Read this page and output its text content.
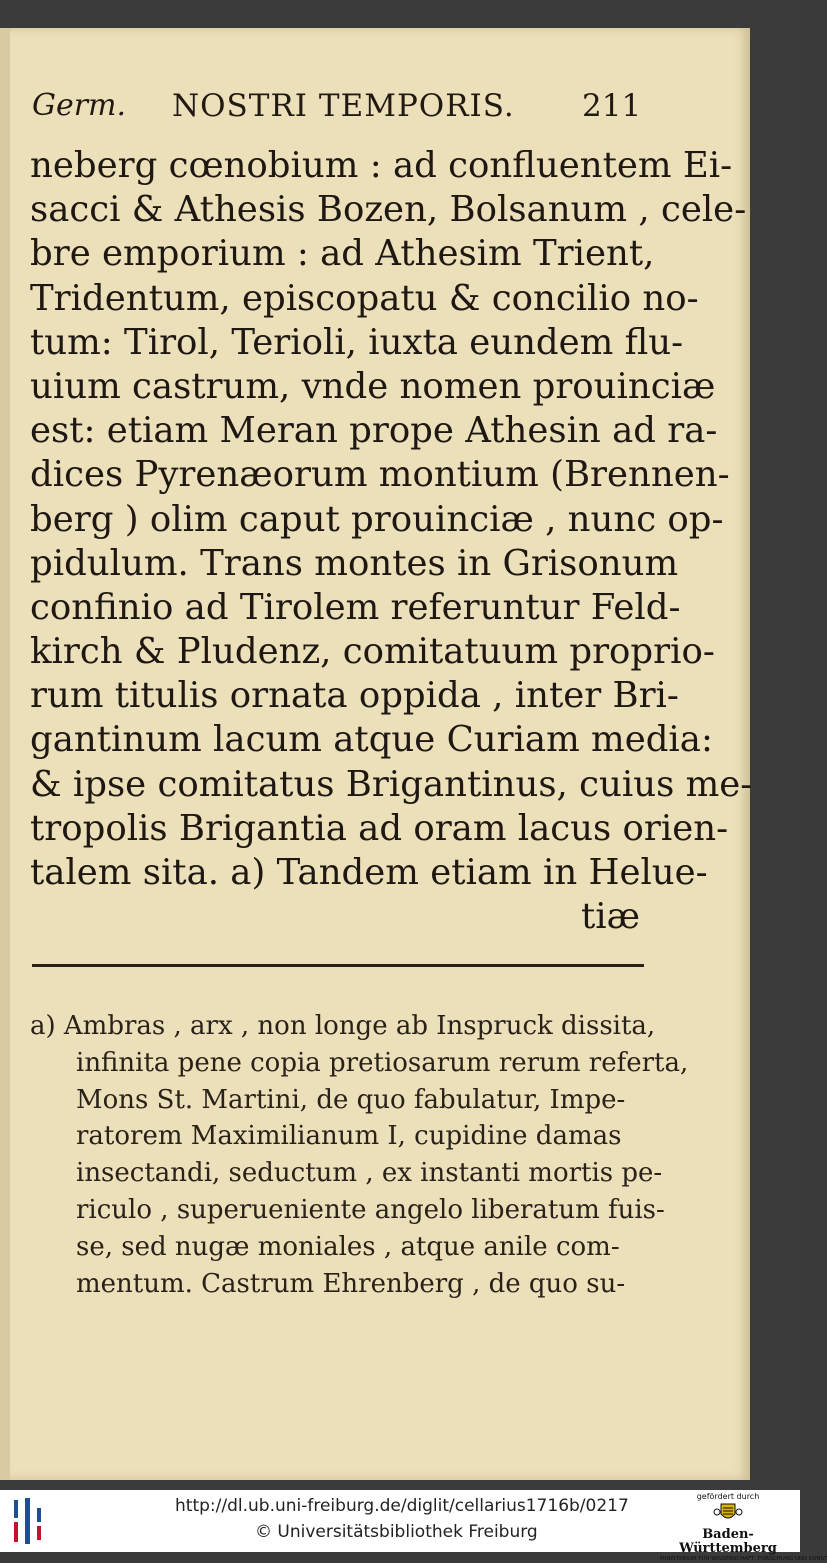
Germ. NOSTRI TEMPORIS. 211
neberg cœnobium : ad confluentem Ei-
sacci & Athesis Bozen, Bolsanum , cele-
bre emporium : ad Athesim Trient,
Tridentum, episcopatu & concilio no-
tum: Tirol, Terioli, iuxta eundem flu-
uium castrum, vnde nomen prouinciæ
est: etiam Meran prope Athesin ad ra-
dices Pyrenæorum montium (Brennen-
berg ) olim caput prouinciæ , nunc op-
pidulum. Trans montes in Grisonum
confinio ad Tirolem referuntur Feld-
kirch & Pludenz, comitatuum proprio-
rum titulis ornata oppida , inter Bri-
gantinum lacum atque Curiam media:
& ipse comitatus Brigantinus, cuius me-
tropolis Brigantia ad oram lacus orien-
talem sita. a) Tandem etiam in Helue-
tiæ
a) Ambras , arx , non longe ab Inspruck dissita,
infinita pene copia pretiosarum rerum referta,
Mons St. Martini, de quo fabulatur, Impe-
ratorem Maximilianum I, cupidine damas
insectandi, seductum , ex instanti mortis pe-
riculo , superueniente angelo liberatum fuis-
se, sed nugæ moniales , atque anile com-
mentum. Castrum Ehrenberg , de quo su-
http://dl.ub.uni-freiburg.de/diglit/cellarius1716b/0217
© Universitätsbibliothek Freiburg
gefördert durch
Baden-Württemberg
MINISTERIUM FÜR WISSENSCHAFT, FORSCHUNG UND KUNST
